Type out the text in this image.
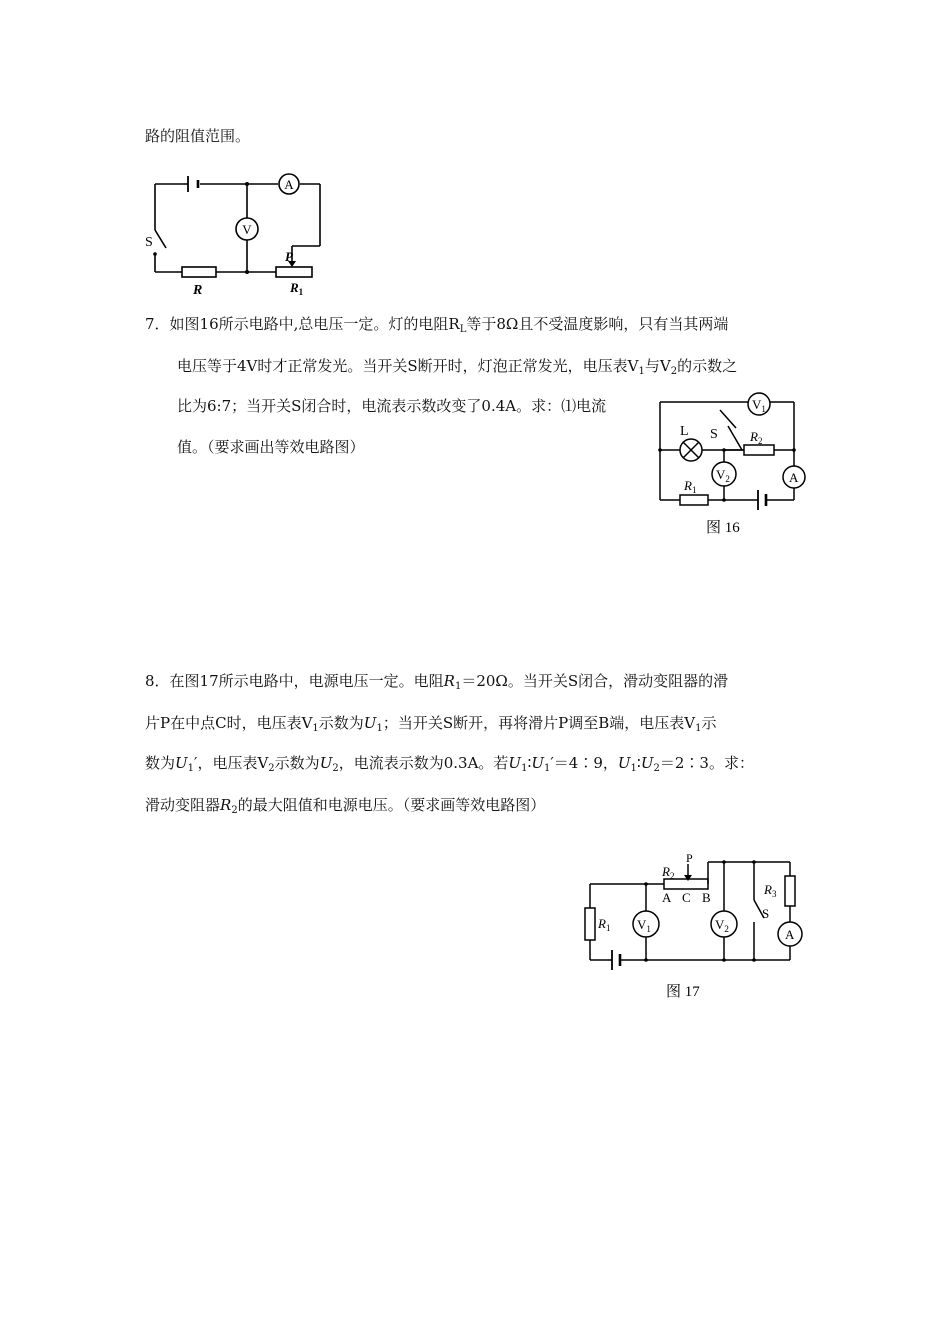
路的阻值范围。
A
V
S
R
P
$R_1$
7．如图16所示电路中,总电压一定。灯的电阻$R_L$等于8Ω且不受温度影响，只有当其两端
电压等于4V时才正常发光。当开关S断开时，灯泡正常发光，电压表$V_1$与$V_2$的示数之
比为6:7；当开关S闭合时，电流表示数改变了0.4A。求：⑴电流
值。（要求画出等效电路图）
$V_1$
L S $R_2$
$V_2$	A
$R_1$
图 16
8．在图17所示电路中，电源电压一定。电阻$R_1=20\Omega$。当开关S闭合，滑动变阻器的滑
片P在中点C时，电压表$V_1$示数为$U_1$；当开关S断开，再将滑片P调至B端，电压表$V_1$示
数为$U_1'$，电压表$V_2$示数为$U_2$，电流表示数为0.3A。若$U_1∶U_1'=4∶9$，$U_1∶U_2=2∶3$。求：
滑动变阻器$R_2$的最大阻值和电源电压。（要求画等效电路图）
$R_2$
P
A C B
$R_1$ $V_1$	$V_2$
$R_3$
S
A
图 17
